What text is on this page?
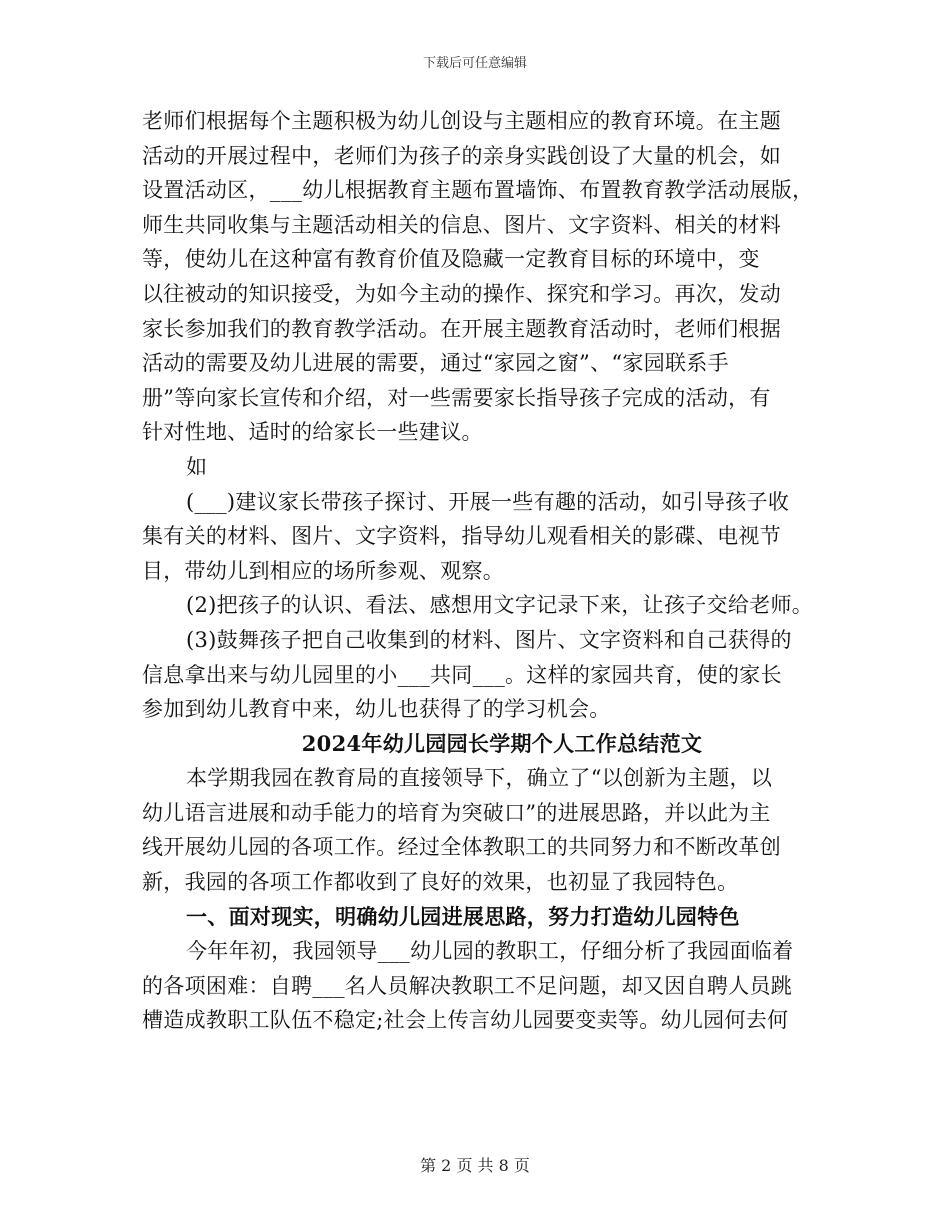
下载后可任意编辑
老师们根据每个主题积极为幼儿创设与主题相应的教育环境。在主题
活动的开展过程中，老师们为孩子的亲身实践创设了大量的机会，如
设置活动区，___幼儿根据教育主题布置墙饰、布置教育教学活动展版，
师生共同收集与主题活动相关的信息、图片、文字资料、相关的材料
等，使幼儿在这种富有教育价值及隐藏一定教育目标的环境中，变
以往被动的知识接受，为如今主动的操作、探究和学习。再次，发动
家长参加我们的教育教学活动。在开展主题教育活动时，老师们根据
活动的需要及幼儿进展的需要，通过“家园之窗”、“家园联系手
册”等向家长宣传和介绍，对一些需要家长指导孩子完成的活动，有
针对性地、适时的给家长一些建议。
如
(___)建议家长带孩子探讨、开展一些有趣的活动，如引导孩子收
集有关的材料、图片、文字资料，指导幼儿观看相关的影碟、电视节
目，带幼儿到相应的场所参观、观察。
(2)把孩子的认识、看法、感想用文字记录下来，让孩子交给老师。
(3)鼓舞孩子把自己收集到的材料、图片、文字资料和自己获得的
信息拿出来与幼儿园里的小___共同___。这样的家园共育，使的家长
参加到幼儿教育中来，幼儿也获得了的学习机会。
2024年幼儿园园长学期个人工作总结范文
本学期我园在教育局的直接领导下，确立了“以创新为主题，以
幼儿语言进展和动手能力的培育为突破口”的进展思路，并以此为主
线开展幼儿园的各项工作。经过全体教职工的共同努力和不断改革创
新，我园的各项工作都收到了良好的效果，也初显了我园特色。
一、面对现实，明确幼儿园进展思路，努力打造幼儿园特色
今年年初，我园领导___幼儿园的教职工，仔细分析了我园面临着
的各项困难：自聘___名人员解决教职工不足问题，却又因自聘人员跳
槽造成教职工队伍不稳定;社会上传言幼儿园要变卖等。幼儿园何去何
第 2 页 共 8 页
